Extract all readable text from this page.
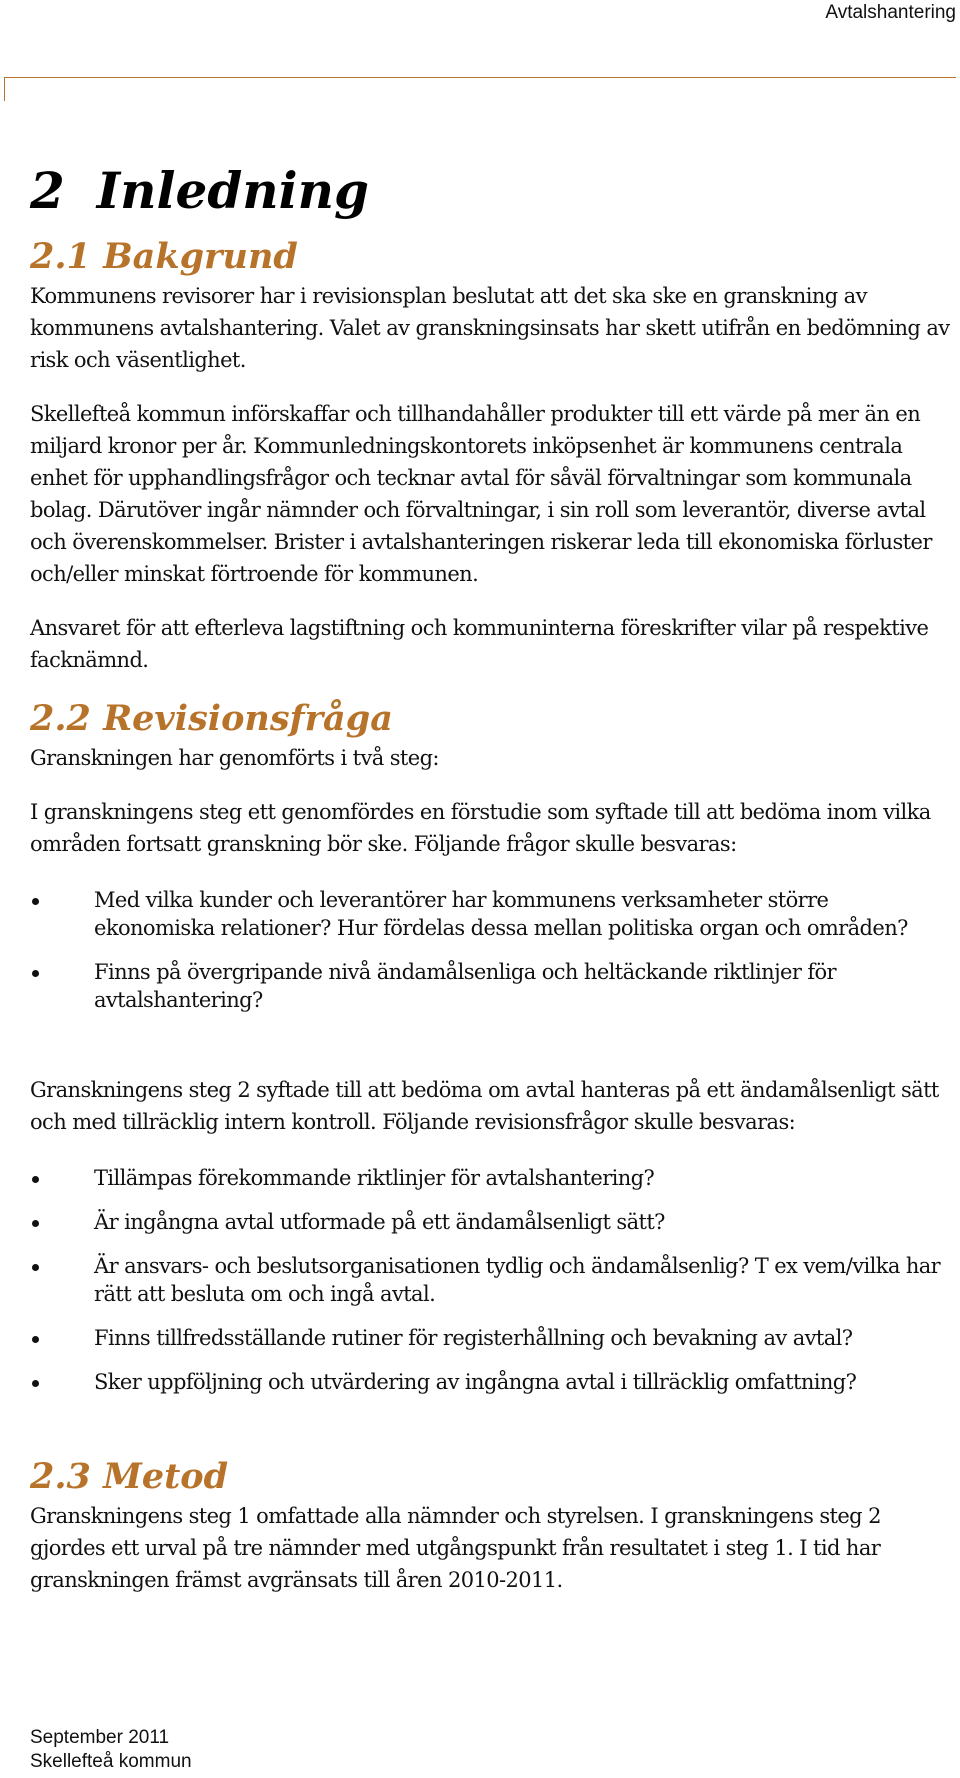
Avtalshantering
2 Inledning
2.1 Bakgrund

Kommunens revisorer har i revisionsplan beslutat att det ska ske en granskning av kommunens avtalshantering. Valet av granskningsinsats har skett utifrån en bedömning av risk och väsentlighet.

Skellefteå kommun införskaffar och tillhandahåller produkter till ett värde på mer än en miljard kronor per år. Kommunledningskontorets inköpsenhet är kommunens centrala enhet för upphandlingsfrågor och tecknar avtal för såväl förvaltningar som kommunala bolag. Därutöver ingår nämnder och förvaltningar, i sin roll som leverantör, diverse avtal och överenskommelser. Brister i avtalshanteringen riskerar leda till ekonomiska förluster och/eller minskat förtroende för kommunen.

Ansvaret för att efterleva lagstiftning och kommuninterna föreskrifter vilar på respektive facknämnd.

2.2 Revisionsfråga

Granskningen har genomförts i två steg:

I granskningens steg ett genomfördes en förstudie som syftade till att bedöma inom vilka områden fortsatt granskning bör ske. Följande frågor skulle besvaras:

Med vilka kunder och leverantörer har kommunens verksamheter större ekonomiska relationer? Hur fördelas dessa mellan politiska organ och områden?
Finns på övergripande nivå ändamålsenliga och heltäckande riktlinjer för avtalshantering?

Granskningens steg 2 syftade till att bedöma om avtal hanteras på ett ändamålsenligt sätt och med tillräcklig intern kontroll. Följande revisionsfrågor skulle besvaras:

Tillämpas förekommande riktlinjer för avtalshantering?
Är ingångna avtal utformade på ett ändamålsenligt sätt?
Är ansvars- och beslutsorganisationen tydlig och ändamålsenlig? T ex vem/vilka har rätt att besluta om och ingå avtal.
Finns tillfredsställande rutiner för registerhållning och bevakning av avtal?
Sker uppföljning och utvärdering av ingångna avtal i tillräcklig omfattning?
2.3 Metod

Granskningens steg 1 omfattade alla nämnder och styrelsen. I granskningens steg 2 gjordes ett urval på tre nämnder med utgångspunkt från resultatet i steg 1. I tid har granskningen främst avgränsats till åren 2010-2011.

September 2011
Skellefteå kommun
